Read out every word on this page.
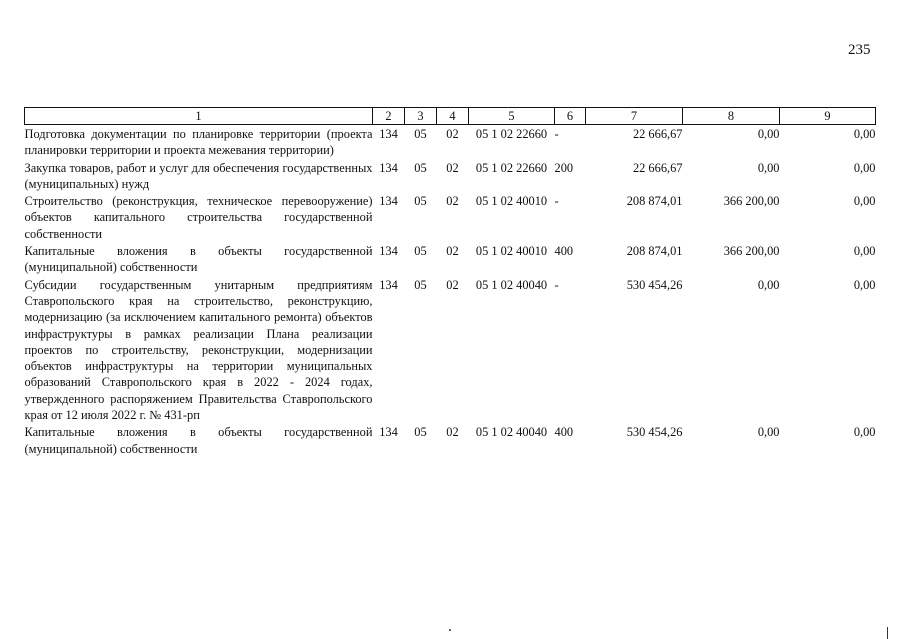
235
1	2	3	4	5	6	7	8	9
Подготовка документации по планировке территории (проекта планировки территории и проекта межевания территории)	134	05	02	05 1 02 22660	-	22 666,67	0,00	0,00
Закупка товаров, работ и услуг для обеспечения государственных (муниципальных) нужд	134	05	02	05 1 02 22660	200	22 666,67	0,00	0,00
Строительство (реконструкция, техническое перевооружение) объектов капитального строительства государственной собственности	134	05	02	05 1 02 40010	-	208 874,01	366 200,00	0,00
Капитальные вложения в объекты государственной (муниципальной) собственности	134	05	02	05 1 02 40010	400	208 874,01	366 200,00	0,00
Субсидии государственным унитарным предприятиям Ставропольского края на строительство, реконструкцию, модернизацию (за исключением капитального ремонта) объектов инфраструктуры в рамках реализации Плана реализации проектов по строительству, реконструкции, модернизации объектов инфраструктуры на территории муниципальных образований Ставропольского края в 2022 - 2024 годах, утвержденного распоряжением Правительства Ставропольского края от 12 июля 2022 г. № 431-рп	134	05	02	05 1 02 40040	-	530 454,26	0,00	0,00
Капитальные вложения в объекты государственной (муниципальной) собственности	134	05	02	05 1 02 40040	400	530 454,26	0,00	0,00
